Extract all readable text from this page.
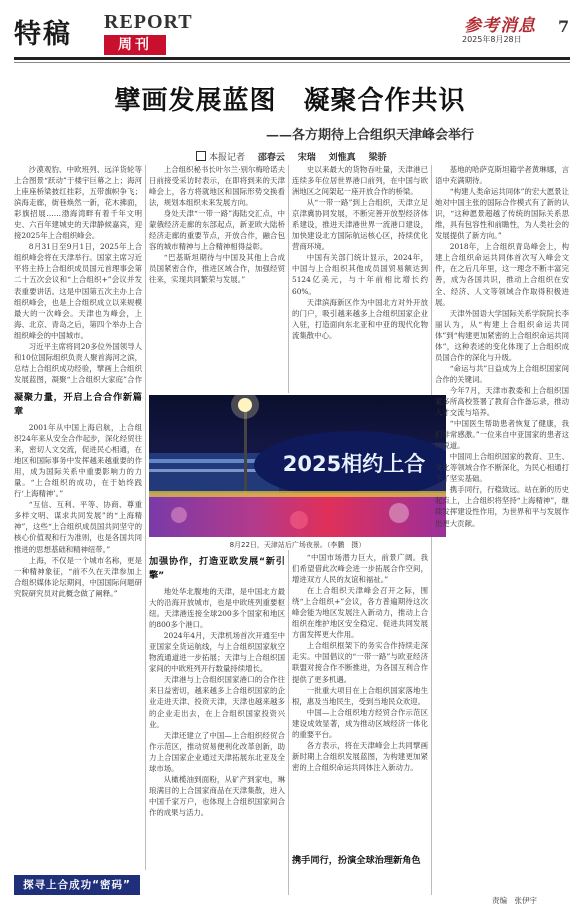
特稿 REPORT
周刊
参考消息
2025年8月28日
7
擘画发展蓝图　凝聚合作共识
——各方期待上合组织天津峰会举行
本报记者 邵春云 宋瑞 刘惟真 梁骄

沙漠观豹、中欧班列、远洋货轮等上合图景“跃动”于楼宇巨幕之上；海河上座座桥梁披红挂彩，五带旗帜争飞；滨海走廊，街巷焕然一新，花木拂面，彩旗招展……渤海湾畔有着千年文明史、六百年建城史的天津静候嘉宾，迎接2025年上合组织峰会。

8月31日至9月1日，2025年上合组织峰会将在天津举行。国家主席习近平将主持上合组织成员国元首理事会第二十五次会议和“上合组织+”会议并发表重要讲话。这是中国第五次主办上合组织峰会，也是上合组织成立以来规模最大的一次峰会。天津也为峰会，上海、北京、青岛之后，第四个举办上合组织峰会的中国城市。

习近平主席将同20多位外国领导人和10位国际组织负责人聚首海河之滨，总结上合组织成功经验，擘画上合组织发展蓝图，凝聚“上合组织大家庭”合作

凝聚力量，开启上合合作新篇章

2001年从中国上海启航，上合组织24年来从安全合作起步，深化经贸往来，密切人文交流，促进民心相通，在地区和国际事务中发挥越来越重要的作用，成为国际关系中重要影响力的力量。“上合组织的成功，在于始终践行‘上海精神’。”

“互信、互利、平等、协商、尊重多样文明、谋求共同发展”的“上海精神”，这些“上合组织成员国共同坚守的核心价值观和行为准则，也是各国共同推进的思想基础和精神纽带。”

上海，不仅是一个城市名称，更是一种精神象征，“前不久在天津参加上合组织媒体论坛期间，中国国际问题研究院研究员对此概念做了阐释。”

上合组织秘书长叶尔兰·别尔梅哈诺夫日前接受采访时表示，在即将到来的天津峰会上，各方将就地区和国际形势交换看法，规划本组织未来发展方向。

身处天津“一带一路”海陆交汇点，中蒙俄经济走廊的东部起点，新亚欧大陆桥经济走廊的重要节点，开放合作，融合包容的城市精神与上合精神相得益彰。

“巴基斯坦期待与中国及其他上合成员国紧密合作，推进区域合作，加强经贸往来，实现共同繁荣与发展。”

史以来最大的货物吞吐量，天津港已连续多年位居世界港口前列，在中国与欧洲地区之间架起一座开放合作的桥梁。

从“一带一路”到上合组织，天津立足京津冀协同发展，不断完善开放型经济体系建设，推进天津港世界一流港口建设，加快建设北方国际航运核心区，持续优化营商环境。

中国有关部门统计显示，2024年，中国与上合组织其他成员国贸易额达到5124亿美元，与十年前相比增长约60%。

天津滨海新区作为中国北方对外开放的门户，吸引越来越多上合组织国家企业入驻，打造面向东北亚和中亚的现代化物流集散中心。

2025相约上合
8月22日，天津站后广场夜景。（李鹏　摄）

加强协作，打造亚欧发展“新引擎”

地处华北腹地的天津，是中国北方最大的沿海开放城市，也是中欧班列重要枢纽。天津港连接全球200多个国家和地区的800多个港口。

2024年4月，天津机场首次开通至中亚国家全货运航线，与上合组织国家航空物流通道进一步拓展；天津与上合组织国家间的中欧班列开行数量持续增长。

天津港与上合组织国家港口的合作往来日益密切，越来越多上合组织国家的企业走进天津、投资天津，天津也越来越多的企业走出去，在上合组织国家投资兴业。

天津还建立了中国—上合组织经贸合作示范区，推动贸易便利化改革创新，助力上合国家企业通过天津拓展东北亚及全球市场。

从橄榄油到面粉，从矿产到家电，琳琅满目的上合国家商品在天津集散，进入中国千家万户，也体现上合组织国家间合作的成果与活力。

“中国市场潜力巨大，前景广阔。我们希望借此次峰会进一步拓展合作空间，增进双方人民的友谊和福祉。”

在上合组织天津峰会召开之际，围绕“上合组织+”会议，各方普遍期待这次峰会能为地区发展注入新动力，推动上合组织在维护地区安全稳定、促进共同发展方面发挥更大作用。

上合组织框架下的务实合作持续走深走实。中国倡议的“一带一路”与欧亚经济联盟对接合作不断推进，为各国互利合作提供了更多机遇。

一批重大项目在上合组织国家落地生根，惠及当地民生，受到当地民众欢迎。

中国—上合组织地方经贸合作示范区建设成效显著，成为推动区域经济一体化的重要平台。

各方表示，将在天津峰会上共同擘画新时期上合组织发展蓝图，为构建更加紧密的上合组织命运共同体注入新动力。

携手同行，扮演全球治理新角色

基地的哈萨克斯坦籍学者黄琳娜，言语中充满期待。

“构建人类命运共同体”的宏大愿景让她对中国主张的国际合作模式有了新的认识，“这种愿景超越了传统的国际关系思维，具有包容性和前瞻性，为人类社会的发展提供了新方向。”

2018年，上合组织青岛峰会上，构建上合组织命运共同体首次写入峰会文件，在之后几年里，这一理念不断丰富完善，成为各国共识，推动上合组织在安全、经济、人文等领域合作取得积极进展。

天津外国语大学国际关系学院院长李丽认为，从“构建上合组织命运共同体”到“构建更加紧密的上合组织命运共同体”，这种表述的变化体现了上合组织成员国合作的深化与升级。

“命运与共”日益成为上合组织国家间合作的关键词。

今年7月，天津市教委和上合组织国家多所高校签署了教育合作备忘录，推动人才交流与培养。

“中国医生帮助患者恢复了健康，我们非常感激。”一位来自中亚国家的患者这样说道。

中国同上合组织国家的教育、卫生、文化等领域合作不断深化，为民心相通打下了坚实基础。

携手同行，行稳致远。站在新的历史起点上，上合组织将坚持“上海精神”，继续发挥建设性作用，为世界和平与发展作出更大贡献。

探寻上合成功“密码”
责编　张伊宇
